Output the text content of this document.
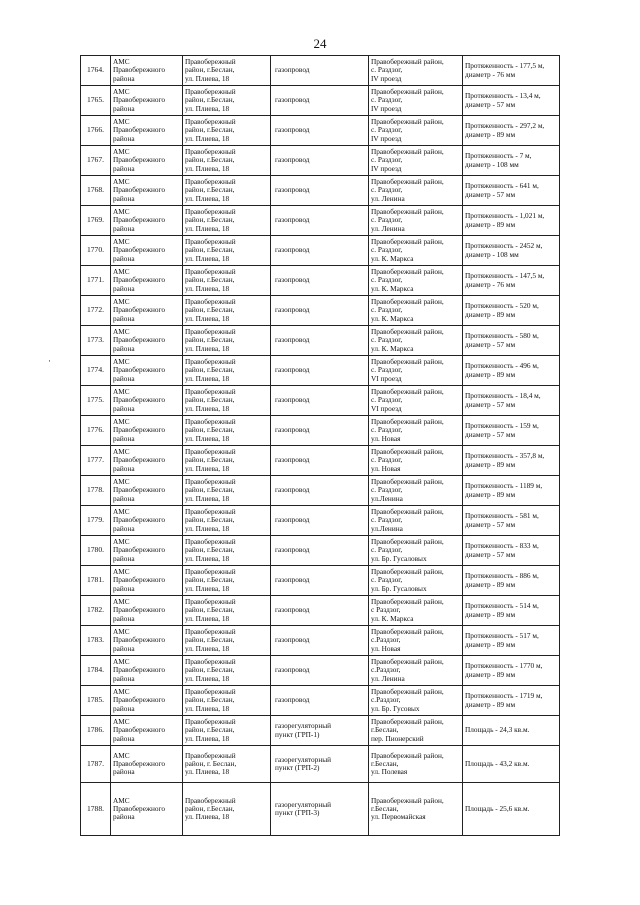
24
·
1764.	АМС
Правобережного
района	Правобережный
район, г.Беслан,
ул. Плиева, 18	газопровод	Правобережный район,
с. Раздзог,
IV проезд	Протяженность - 177,5 м,
диаметр - 76 мм

1765.	АМС
Правобережного
района	Правобережный
район, г.Беслан,
ул. Плиева, 18	газопровод	Правобережный район,
с. Раздзог,
IV проезд	Протяженность - 13,4 м,
диаметр - 57 мм

1766.	АМС
Правобережного
района	Правобережный
район, г.Беслан,
ул. Плиева, 18	газопровод	Правобережный район,
с. Раздзог,
IV проезд	Протяженность - 297,2 м,
диаметр - 89 мм

1767.	АМС
Правобережного
района	Правобережный
район, г.Беслан,
ул. Плиева, 18	газопровод	Правобережный район,
с. Раздзог,
IV проезд	Протяженность - 7 м,
диаметр - 108 мм

1768.	АМС
Правобережного
района	Правобережный
район, г.Беслан,
ул. Плиева, 18	газопровод	Правобережный район,
с. Раздзог,
ул. Ленина	Протяженность - 641 м,
диаметр - 57 мм

1769.	АМС
Правобережного
района	Правобережный
район, г.Беслан,
ул. Плиева, 18	газопровод	Правобережный район,
с. Раздзог,
ул. Ленина	Протяженность - 1,021 м,
диаметр - 89 мм

1770.	АМС
Правобережного
района	Правобережный
район, г.Беслан,
ул. Плиева, 18	газопровод	Правобережный район,
с. Раздзог,
ул. К. Маркса	Протяженность - 2452 м,
диаметр - 108 мм

1771.	АМС
Правобережного
района	Правобережный
район, г.Беслан,
ул. Плиева, 18	газопровод	Правобережный район,
с. Раздзог,
ул. К. Маркса	Протяженность - 147,5 м,
диаметр - 76 мм

1772.	АМС
Правобережного
района	Правобережный
район, г.Беслан,
ул. Плиева, 18	газопровод	Правобережный район,
с. Раздзог,
ул. К. Маркса	Протяженность - 520 м,
диаметр - 89 мм

1773.	АМС
Правобережного
района	Правобережный
район, г.Беслан,
ул. Плиева, 18	газопровод	Правобережный район,
с. Раздзог,
ул. К. Маркса	Протяженность - 580 м,
диаметр - 57 мм

1774.	АМС
Правобережного
района	Правобережный
район, г.Беслан,
ул. Плиева, 18	газопровод	Правобережный район,
с. Раздзог,
VI проезд	Протяженность - 496 м,
диаметр - 89 мм

1775.	АМС
Правобережного
района	Правобережный
район, г.Беслан,
ул. Плиева, 18	газопровод	Правобережный район,
с. Раздзог,
VI проезд	Протяженность - 18,4 м,
диаметр - 57 мм

1776.	АМС
Правобережного
района	Правобережный
район, г.Беслан,
ул. Плиева, 18	газопровод	Правобережный район,
с. Раздзог,
ул. Новая	Протяженность - 159 м,
диаметр - 57 мм

1777.	АМС
Правобережного
района	Правобережный
район, г.Беслан,
ул. Плиева, 18	газопровод	Правобережный район,
с. Раздзог,
ул. Новая	Протяженность - 357,8 м,
диаметр - 89 мм

1778.	АМС
Правобережного
района	Правобережный
район, г.Беслан,
ул. Плиева, 18	газопровод	Правобережный район,
с. Раздзог,
ул.Ленина	Протяженность - 1189 м,
диаметр - 89 мм

1779.	АМС
Правобережного
района	Правобережный
район, г.Беслан,
ул. Плиева, 18	газопровод	Правобережный район,
с. Раздзог,
ул.Ленина	Протяженность - 581 м,
диаметр - 57 мм

1780.	АМС
Правобережного
района	Правобережный
район, г.Беслан,
ул. Плиева, 18	газопровод	Правобережный район,
с. Раздзог,
ул. Бр. Гусаловых	Протяженность - 833 м,
диаметр - 57 мм

1781.	АМС
Правобережного
района	Правобережный
район, г.Беслан,
ул. Плиева, 18	газопровод	Правобережный район,
с. Раздзог,
ул. Бр. Гусаловых	Протяженность - 886 м,
диаметр - 89 мм

1782.	АМС
Правобережного
района	Правобережный
район, г.Беслан,
ул. Плиева, 18	газопровод	Правобережный район,
с Раздзог,
ул. К. Маркса	Протяженность - 514 м,
диаметр - 89 мм

1783.	АМС
Правобережного
района	Правобережный
район, г.Беслан,
ул. Плиева, 18	газопровод	Правобережный район,
с.Раздзог,
ул. Новая	Протяженность - 517 м,
диаметр - 89 мм

1784.	АМС
Правобережного
района	Правобережный
район, г.Беслан,
ул. Плиева, 18	газопровод	Правобережный район,
с.Раздзог,
ул. Ленина	Протяженность - 1770 м,
диаметр - 89 мм

1785.	АМС
Правобережного
района	Правобережный
район, г.Беслан,
ул. Плиева, 18	газопровод	Правобережный район,
с.Раздзог,
ул. Бр. Гусовых	Протяженность - 1719 м,
диаметр - 89 мм

1786.	АМС
Правобережного
района	Правобережный
район, г.Беслан,
ул. Плиева, 18	газорегуляторный
пункт (ГРП-1)	Правобережный район,
г.Беслан,
пер. Пионерский	Площадь - 24,3 кв.м.

1787.	АМС
Правобережного
района	Правобережный
район, г. Беслан,
ул. Плиева, 18	газорегуляторный
пункт (ГРП-2)	Правобережный район,
г.Беслан,
ул. Полевая	Площадь - 43,2 кв.м.

1788.	АМС
Правобережного
района	Правобережный
район, г.Беслан,
ул. Плиева, 18	газорегуляторный
пункт (ГРП-3)	Правобережный район,
г.Беслан,
ул. Первомайская	Площадь - 25,6 кв.м.
